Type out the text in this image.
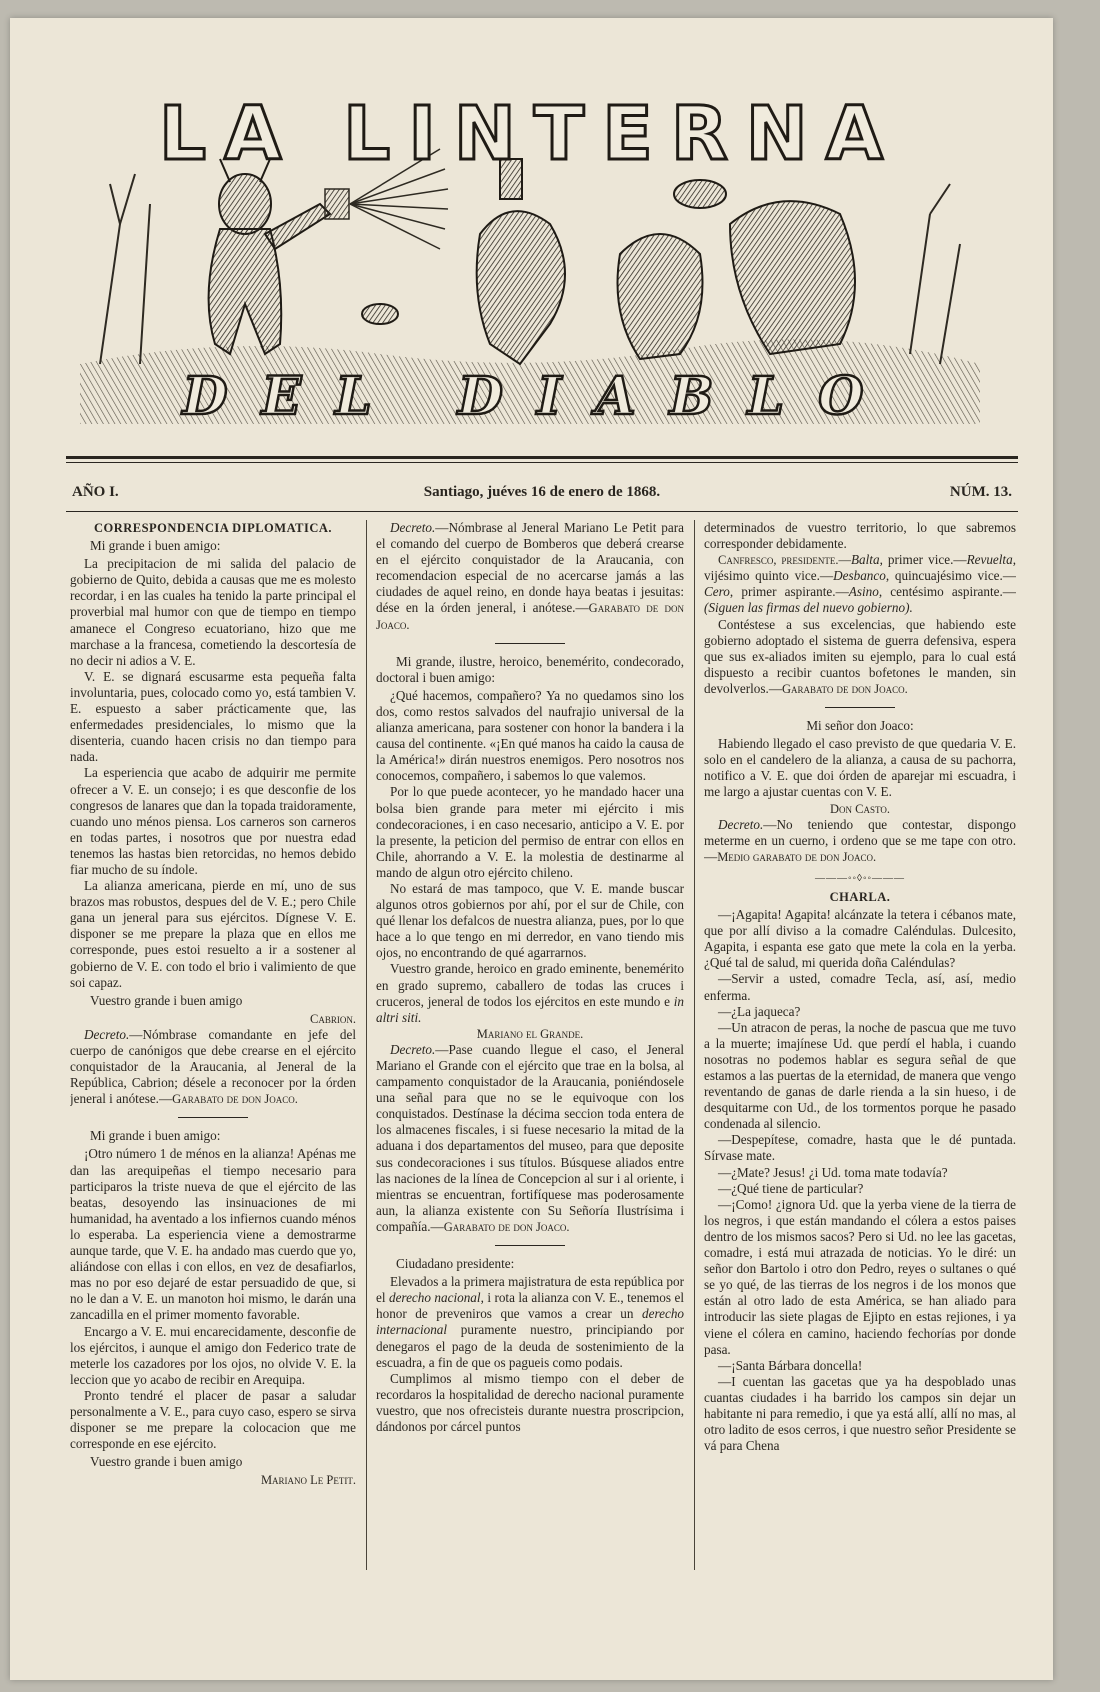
LA LINTERNA
DEL DIABLO
AÑO I.	Santiago, juéves 16 de enero de 1868.	NÚM. 13.

CORRESPONDENCIA DIPLOMATICA.

Mi grande i buen amigo:

La precipitacion de mi salida del palacio de gobierno de Quito, debida a causas que me es molesto recordar, i en las cuales ha tenido la parte principal el proverbial mal humor con que de tiempo en tiempo amanece el Congreso ecuatoriano, hizo que me marchase a la francesa, cometiendo la descortesía de no decir ni adios a V. E.

V. E. se dignará escusarme esta pequeña falta involuntaria, pues, colocado como yo, está tambien V. E. espuesto a saber prácticamente que, las enfermedades presidenciales, lo mismo que la disenteria, cuando hacen crisis no dan tiempo para nada.

La esperiencia que acabo de adquirir me permite ofrecer a V. E. un consejo; i es que desconfie de los congresos de lanares que dan la topada traidoramente, cuando uno ménos piensa. Los carneros son carneros en todas partes, i nosotros que por nuestra edad tenemos las hastas bien retorcidas, no hemos debido fiar mucho de su índole.

La alianza americana, pierde en mí, uno de sus brazos mas robustos, despues del de V. E.; pero Chile gana un jeneral para sus ejércitos. Dígnese V. E. disponer se me prepare la plaza que en ellos me corresponde, pues estoi resuelto a ir a sostener al gobierno de V. E. con todo el brio i valimiento de que soi capaz.

Vuestro grande i buen amigo

Cabrion.

Decreto.—Nómbrase comandante en jefe del cuerpo de canónigos que debe crearse en el ejército conquistador de la Araucania, al Jeneral de la República, Cabrion; désele a reconocer por la órden jeneral i anótese.—Garabato de don Joaco.

Mi grande i buen amigo:

¡Otro número 1 de ménos en la alianza! Apénas me dan las arequipeñas el tiempo necesario para participaros la triste nueva de que el ejército de las beatas, desoyendo las insinuaciones de mi humanidad, ha aventado a los infiernos cuando ménos lo esperaba. La esperiencia viene a demostrarme aunque tarde, que V. E. ha andado mas cuerdo que yo, aliándose con ellas i con ellos, en vez de desafiarlos, mas no por eso dejaré de estar persuadido de que, si no le dan a V. E. un manoton hoi mismo, le darán una zancadilla en el primer momento favorable.

Encargo a V. E. mui encarecidamente, desconfie de los ejércitos, i aunque el amigo don Federico trate de meterle los cazadores por los ojos, no olvide V. E. la leccion que yo acabo de recibir en Arequipa.

Pronto tendré el placer de pasar a saludar personalmente a V. E., para cuyo caso, espero se sirva disponer se me prepare la colocacion que me corresponde en ese ejército.

Vuestro grande i buen amigo

Mariano Le Petit.

Decreto.—Nómbrase al Jeneral Mariano Le Petit para el comando del cuerpo de Bomberos que deberá crearse en el ejército conquistador de la Araucania, con recomendacion especial de no acercarse jamás a las ciudades de aquel reino, en donde haya beatas i jesuitas: dése en la órden jeneral, i anótese.—Garabato de don Joaco.

Mi grande, ilustre, heroico, benemérito, condecorado, doctoral i buen amigo:

¿Qué hacemos, compañero? Ya no quedamos sino los dos, como restos salvados del naufrajio universal de la alianza americana, para sostener con honor la bandera i la causa del continente. «¡En qué manos ha caido la causa de la América!» dirán nuestros enemigos. Pero nosotros nos conocemos, compañero, i sabemos lo que valemos.

Por lo que puede acontecer, yo he mandado hacer una bolsa bien grande para meter mi ejército i mis condecoraciones, i en caso necesario, anticipo a V. E. por la presente, la peticion del permiso de entrar con ellos en Chile, ahorrando a V. E. la molestia de destinarme al mando de algun otro ejército chileno.

No estará de mas tampoco, que V. E. mande buscar algunos otros gobiernos por ahí, por el sur de Chile, con qué llenar los defalcos de nuestra alianza, pues, por lo que hace a lo que tengo en mi derredor, en vano tiendo mis ojos, no encontrando de qué agarrarnos.

Vuestro grande, heroico en grado eminente, benemérito en grado supremo, caballero de todas las cruces i cruceros, jeneral de todos los ejércitos en este mundo e in altri siti.

Mariano el Grande.

Decreto.—Pase cuando llegue el caso, el Jeneral Mariano el Grande con el ejército que trae en la bolsa, al campamento conquistador de la Araucania, poniéndosele una señal para que no se le equivoque con los conquistados. Destínase la décima seccion toda entera de los almacenes fiscales, i si fuese necesario la mitad de la aduana i dos departamentos del museo, para que deposite sus condecoraciones i sus títulos. Búsquese aliados entre las naciones de la línea de Concepcion al sur i al oriente, i mientras se encuentran, fortifíquese mas poderosamente aun, la alianza existente con Su Señoría Ilustrísima i compañía.—Garabato de don Joaco.

Ciudadano presidente:

Elevados a la primera majistratura de esta república por el derecho nacional, i rota la alianza con V. E., tenemos el honor de preveniros que vamos a crear un derecho internacional puramente nuestro, principiando por denegaros el pago de la deuda de sostenimiento de la escuadra, a fin de que os pagueis como podais.

Cumplimos al mismo tiempo con el deber de recordaros la hospitalidad de derecho nacional puramente vuestro, que nos ofrecisteis durante nuestra proscripcion, dándonos por cárcel puntos

determinados de vuestro territorio, lo que sabremos corresponder debidamente.

Canfresco, presidente.—Balta, primer vice.—Revuelta, vijésimo quinto vice.—Desbanco, quincuajésimo vice.—Cero, primer aspirante.—Asino, centésimo aspirante.—(Siguen las firmas del nuevo gobierno).

Contéstese a sus excelencias, que habiendo este gobierno adoptado el sistema de guerra defensiva, espera que sus ex-aliados imiten su ejemplo, para lo cual está dispuesto a recibir cuantos bofetones le manden, sin devolverlos.—Garabato de don Joaco.

Mi señor don Joaco:

Habiendo llegado el caso previsto de que quedaria V. E. solo en el candelero de la alianza, a causa de su pachorra, notifico a V. E. que doi órden de aparejar mi escuadra, i me largo a ajustar cuentas con V. E.

Don Casto.

Decreto.—No teniendo que contestar, dispongo meterme en un cuerno, i ordeno que se me tape con otro.—Medio garabato de don Joaco.

———◦◦◊◦◦———

CHARLA.

—¡Agapita! Agapita! alcánzate la tetera i cébanos mate, que por allí diviso a la comadre Caléndulas. Dulcesito, Agapita, i espanta ese gato que mete la cola en la yerba. ¿Qué tal de salud, mi querida doña Caléndulas?

—Servir a usted, comadre Tecla, así, así, medio enferma.

—¿La jaqueca?

—Un atracon de peras, la noche de pascua que me tuvo a la muerte; imajínese Ud. que perdí el habla, i cuando nosotras no podemos hablar es segura señal de que estamos a las puertas de la eternidad, de manera que vengo reventando de ganas de darle rienda a la sin hueso, i de desquitarme con Ud., de los tormentos porque he pasado condenada al silencio.

—Despepítese, comadre, hasta que le dé puntada. Sírvase mate.

—¿Mate? Jesus! ¿i Ud. toma mate todavía?

—¿Qué tiene de particular?

—¡Como! ¿ignora Ud. que la yerba viene de la tierra de los negros, i que están mandando el cólera a estos paises dentro de los mismos sacos? Pero si Ud. no lee las gacetas, comadre, i está mui atrazada de noticias. Yo le diré: un señor don Bartolo i otro don Pedro, reyes o sultanes o qué se yo qué, de las tierras de los negros i de los monos que están al otro lado de esta América, se han aliado para introducir las siete plagas de Ejipto en estas rejiones, i ya viene el cólera en camino, haciendo fechorías por donde pasa.

—¡Santa Bárbara doncella!

—I cuentan las gacetas que ya ha despoblado unas cuantas ciudades i ha barrido los campos sin dejar un habitante ni para remedio, i que ya está allí, allí no mas, al otro ladito de esos cerros, i que nuestro señor Presidente se vá para Chena
